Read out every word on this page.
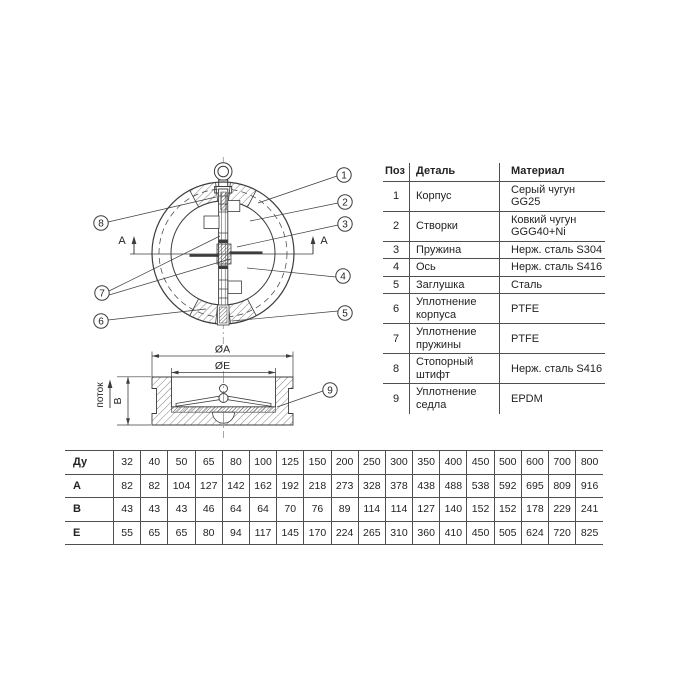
A	A
1
2
3
4
5
6
7
8
9
ØA
ØE
B
поток
Поз	Деталь	Материал
1	Корпус	Серый чугун GG25
2	Створки	Ковкий чугун GGG40+Ni
3	Пружина	Нерж. сталь S304
4	Ось	Нерж. сталь S416
5	Заглушка	Сталь
6	Уплотнение корпуса	PTFE
7	Уплотнение пружины	PTFE
8	Стопорный штифт	Нерж. сталь S416
9	Уплотнение седла	EPDM
Ду	32	40	50	65	80	100	125	150	200	250	300	350	400	450	500	600	700	800
A	82	82	104	127	142	162	192	218	273	328	378	438	488	538	592	695	809	916
B	43	43	43	46	64	64	70	76	89	114	114	127	140	152	152	178	229	241
E	55	65	65	80	94	117	145	170	224	265	310	360	410	450	505	624	720	825
